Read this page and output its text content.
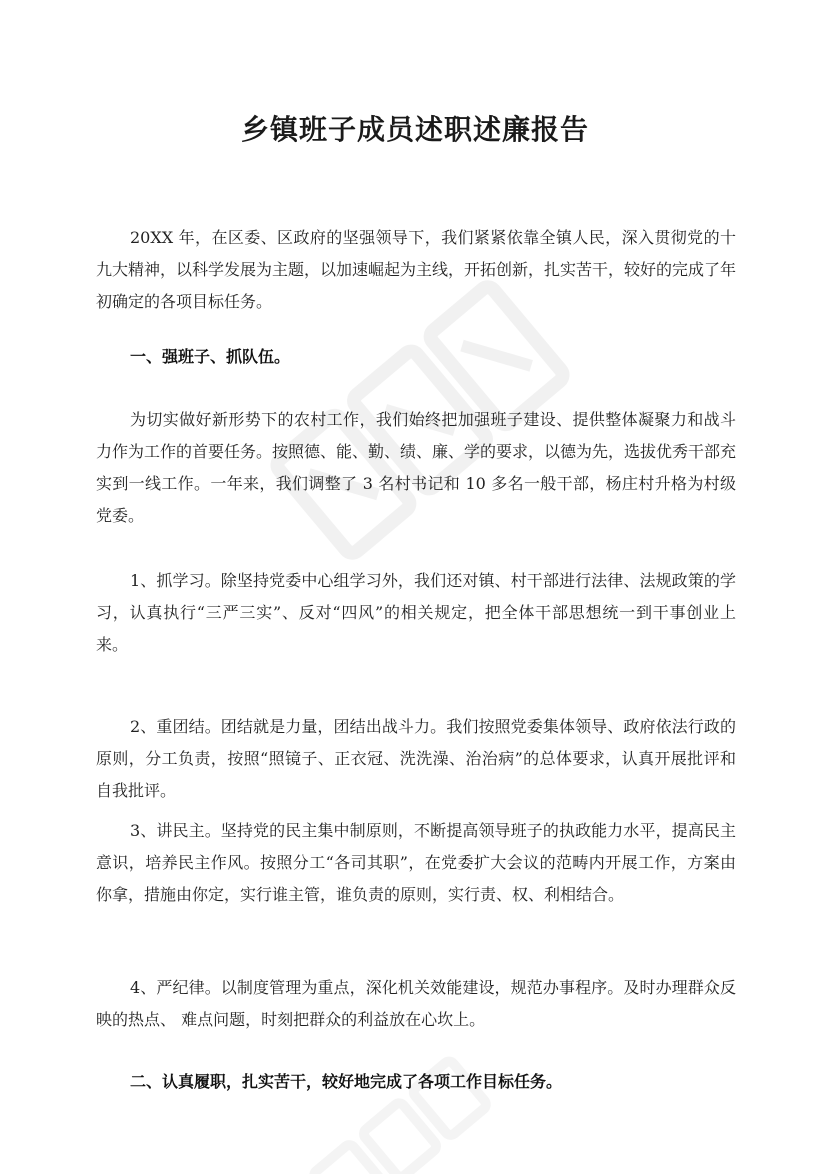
乡镇班子成员述职述廉报告

20XX 年，在区委、区政府的坚强领导下，我们紧紧依靠全镇人民，深入贯彻党的十九大精神，以科学发展为主题，以加速崛起为主线，开拓创新，扎实苦干，较好的完成了年初确定的各项目标任务。

一、强班子、抓队伍。

为切实做好新形势下的农村工作，我们始终把加强班子建设、提供整体凝聚力和战斗力作为工作的首要任务。按照德、能、勤、绩、廉、学的要求，以德为先，选拔优秀干部充实到一线工作。一年来，我们调整了 3 名村书记和 10 多名一般干部，杨庄村升格为村级党委。

1、抓学习。除坚持党委中心组学习外，我们还对镇、村干部进行法律、法规政策的学习，认真执行“三严三实”、反对“四风”的相关规定，把全体干部思想统一到干事创业上来。

2、重团结。团结就是力量，团结出战斗力。我们按照党委集体领导、政府依法行政的原则，分工负责，按照“照镜子、正衣冠、洗洗澡、治治病”的总体要求，认真开展批评和自我批评。

3、讲民主。坚持党的民主集中制原则，不断提高领导班子的执政能力水平，提高民主意识，培养民主作风。按照分工“各司其职”，在党委扩大会议的范畴内开展工作，方案由你拿，措施由你定，实行谁主管，谁负责的原则，实行责、权、利相结合。

4、严纪律。以制度管理为重点，深化机关效能建设，规范办事程序。及时办理群众反映的热点、 难点问题，时刻把群众的利益放在心坎上。

二、认真履职，扎实苦干，较好地完成了各项工作目标任务。
